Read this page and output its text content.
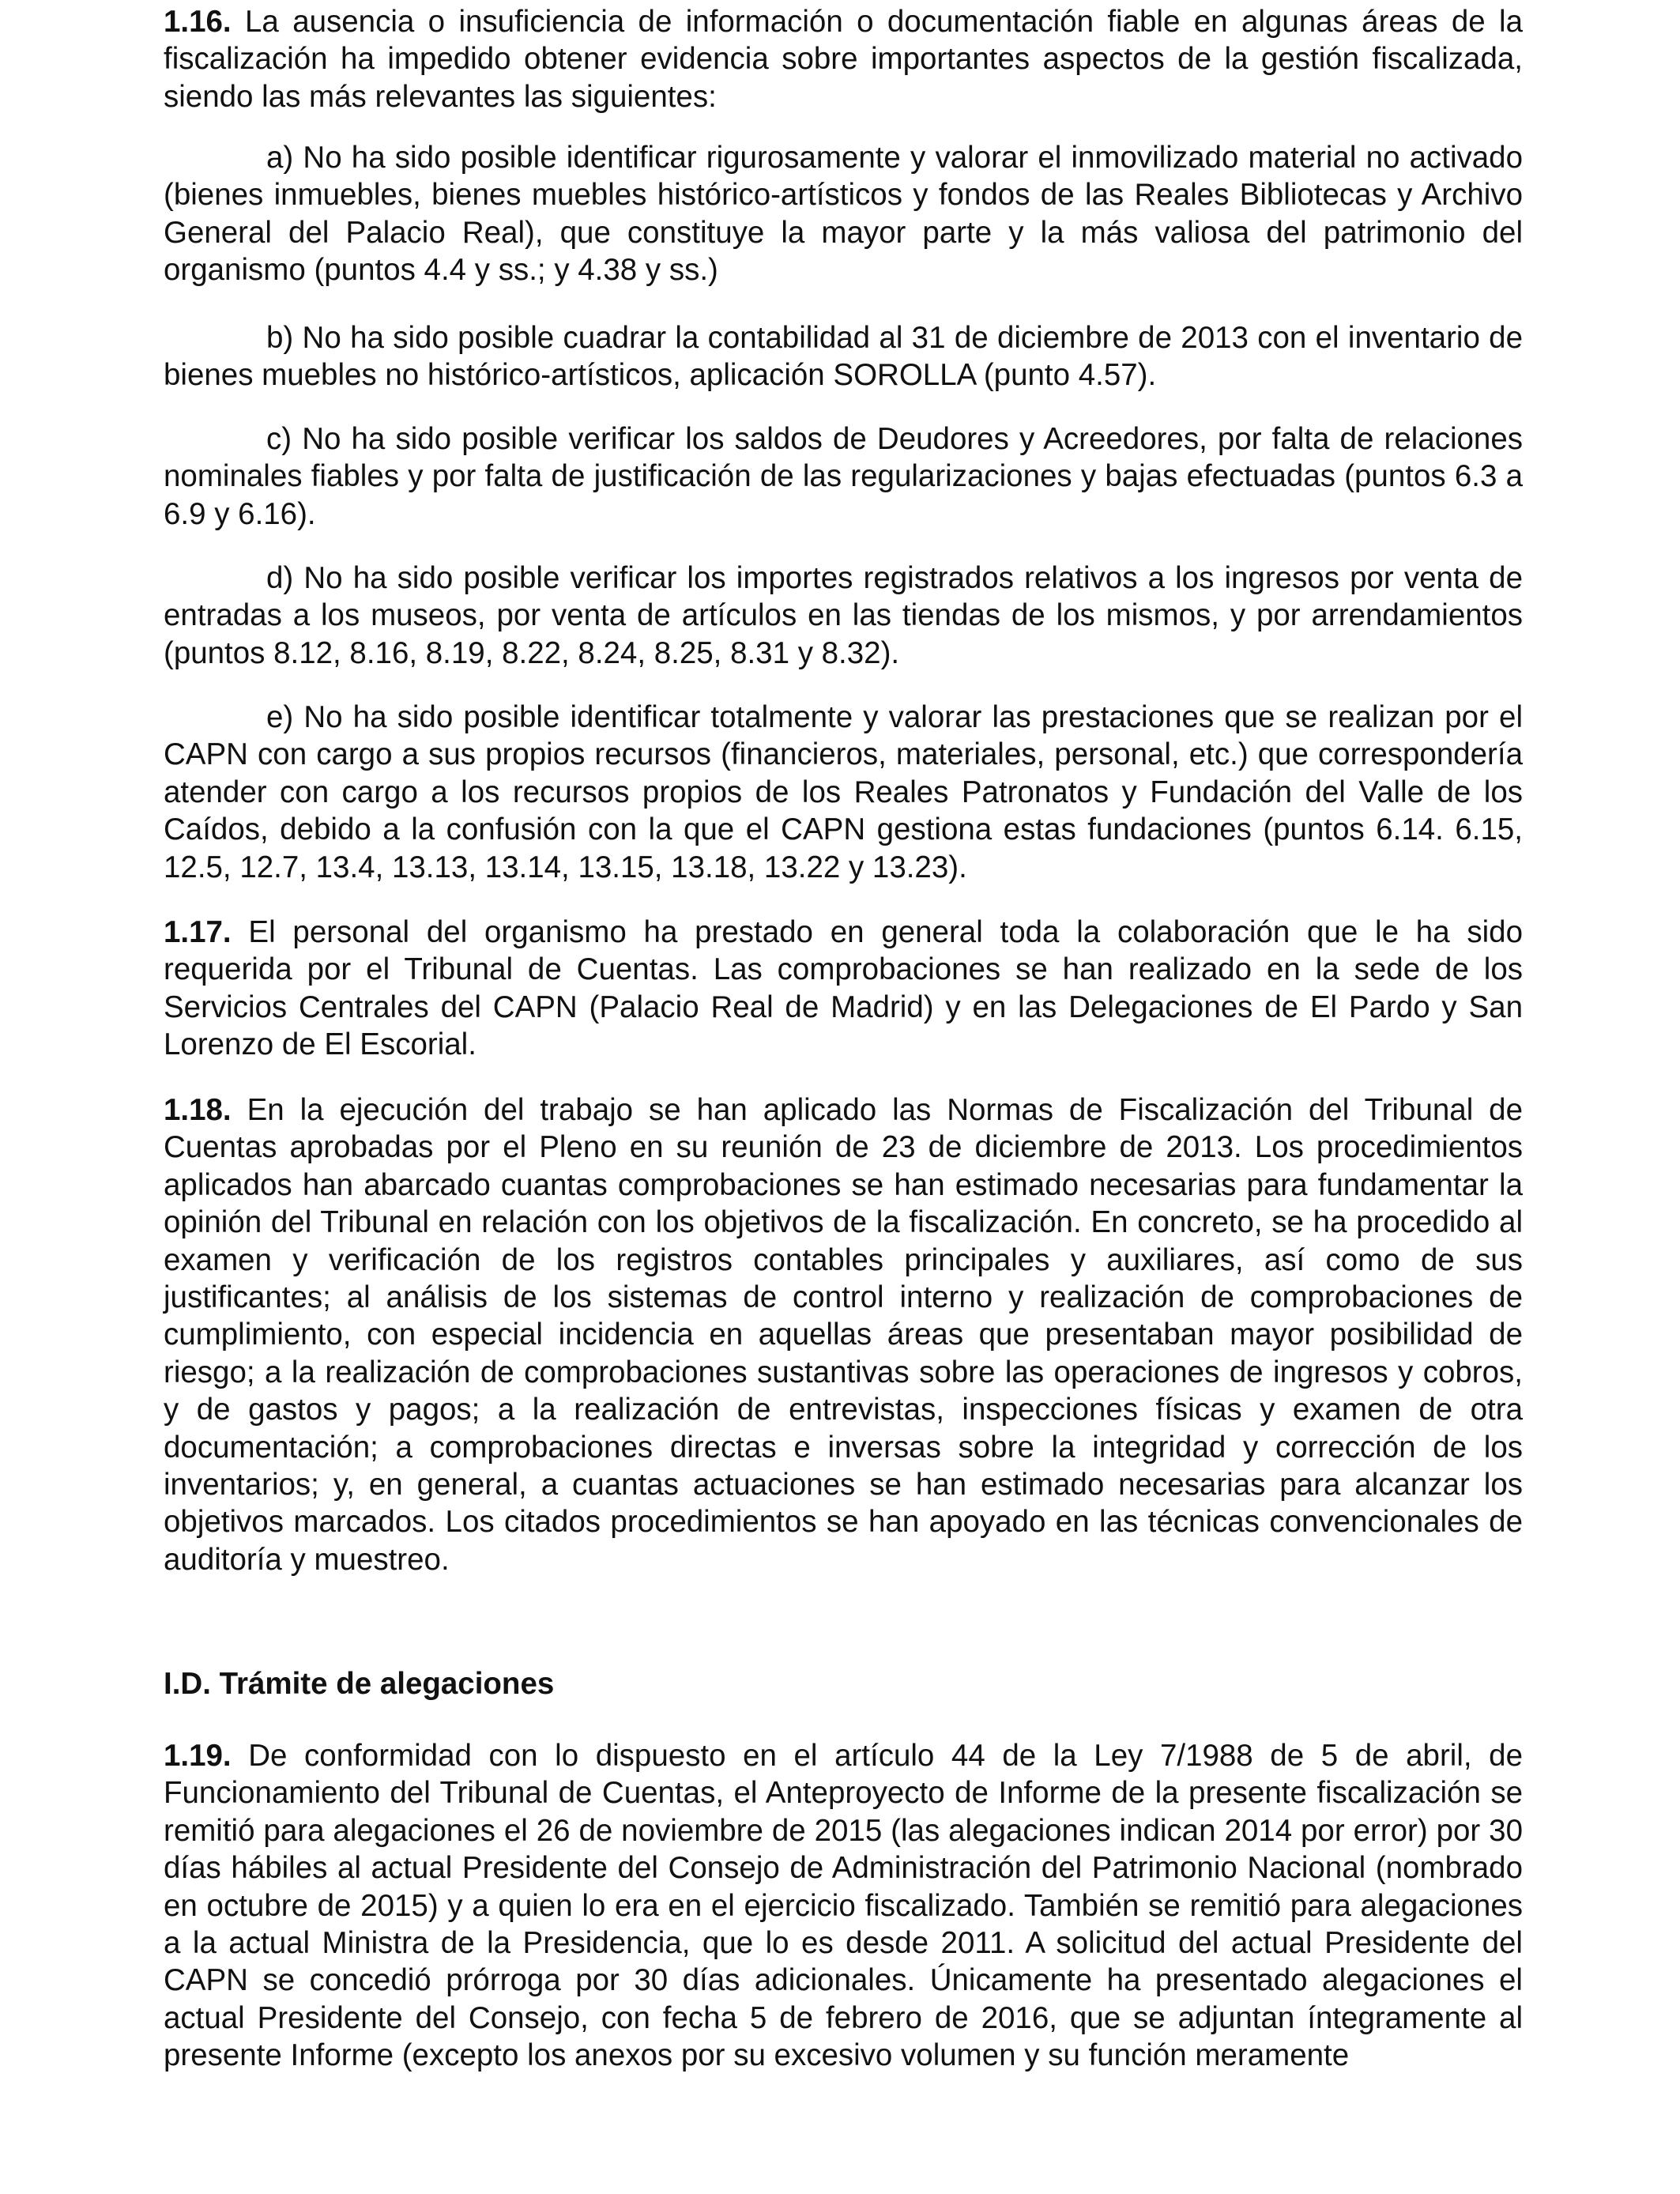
1.16. La ausencia o insuficiencia de información o documentación fiable en algunas áreas de la fiscalización ha impedido obtener evidencia sobre importantes aspectos de la gestión fiscalizada, siendo las más relevantes las siguientes:

a) No ha sido posible identificar rigurosamente y valorar el inmovilizado material no activado (bienes inmuebles, bienes muebles histórico-artísticos y fondos de las Reales Bibliotecas y Archivo General del Palacio Real), que constituye la mayor parte y la más valiosa del patrimonio del organismo (puntos 4.4 y ss.; y 4.38 y ss.)

b) No ha sido posible cuadrar la contabilidad al 31 de diciembre de 2013 con el inventario de bienes muebles no histórico-artísticos, aplicación SOROLLA (punto 4.57).

c) No ha sido posible verificar los saldos de Deudores y Acreedores, por falta de relaciones nominales fiables y por falta de justificación de las regularizaciones y bajas efectuadas (puntos 6.3 a 6.9 y 6.16).

d) No ha sido posible verificar los importes registrados relativos a los ingresos por venta de entradas a los museos, por venta de artículos en las tiendas de los mismos, y por arrendamientos (puntos 8.12, 8.16, 8.19, 8.22, 8.24, 8.25, 8.31 y 8.32).

e) No ha sido posible identificar totalmente y valorar las prestaciones que se realizan por el CAPN con cargo a sus propios recursos (financieros, materiales, personal, etc.) que correspondería atender con cargo a los recursos propios de los Reales Patronatos y Fundación del Valle de los Caídos, debido a la confusión con la que el CAPN gestiona estas fundaciones (puntos 6.14. 6.15, 12.5, 12.7, 13.4, 13.13, 13.14, 13.15, 13.18, 13.22 y 13.23).

1.17. El personal del organismo ha prestado en general toda la colaboración que le ha sido requerida por el Tribunal de Cuentas. Las comprobaciones se han realizado en la sede de los Servicios Centrales del CAPN (Palacio Real de Madrid) y en las Delegaciones de El Pardo y San Lorenzo de El Escorial.

1.18. En la ejecución del trabajo se han aplicado las Normas de Fiscalización del Tribunal de Cuentas aprobadas por el Pleno en su reunión de 23 de diciembre de 2013. Los procedimientos aplicados han abarcado cuantas comprobaciones se han estimado necesarias para fundamentar la opinión del Tribunal en relación con los objetivos de la fiscalización. En concreto, se ha procedido al examen y verificación de los registros contables principales y auxiliares, así como de sus justificantes; al análisis de los sistemas de control interno y realización de comprobaciones de cumplimiento, con especial incidencia en aquellas áreas que presentaban mayor posibilidad de riesgo; a la realización de comprobaciones sustantivas sobre las operaciones de ingresos y cobros, y de gastos y pagos; a la realización de entrevistas, inspecciones físicas y examen de otra documentación; a comprobaciones directas e inversas sobre la integridad y corrección de los inventarios; y, en general, a cuantas actuaciones se han estimado necesarias para alcanzar los objetivos marcados. Los citados procedimientos se han apoyado en las técnicas convencionales de auditoría y muestreo.

I.D. Trámite de alegaciones

1.19. De conformidad con lo dispuesto en el artículo 44 de la Ley 7/1988 de 5 de abril, de Funcionamiento del Tribunal de Cuentas, el Anteproyecto de Informe de la presente fiscalización se remitió para alegaciones el 26 de noviembre de 2015 (las alegaciones indican 2014 por error) por 30 días hábiles al actual Presidente del Consejo de Administración del Patrimonio Nacional (nombrado en octubre de 2015) y a quien lo era en el ejercicio fiscalizado. También se remitió para alegaciones a la actual Ministra de la Presidencia, que lo es desde 2011. A solicitud del actual Presidente del CAPN se concedió prórroga por 30 días adicionales. Únicamente ha presentado alegaciones el actual Presidente del Consejo, con fecha 5 de febrero de 2016, que se adjuntan íntegramente al presente Informe (excepto los anexos por su excesivo volumen y su función meramente
